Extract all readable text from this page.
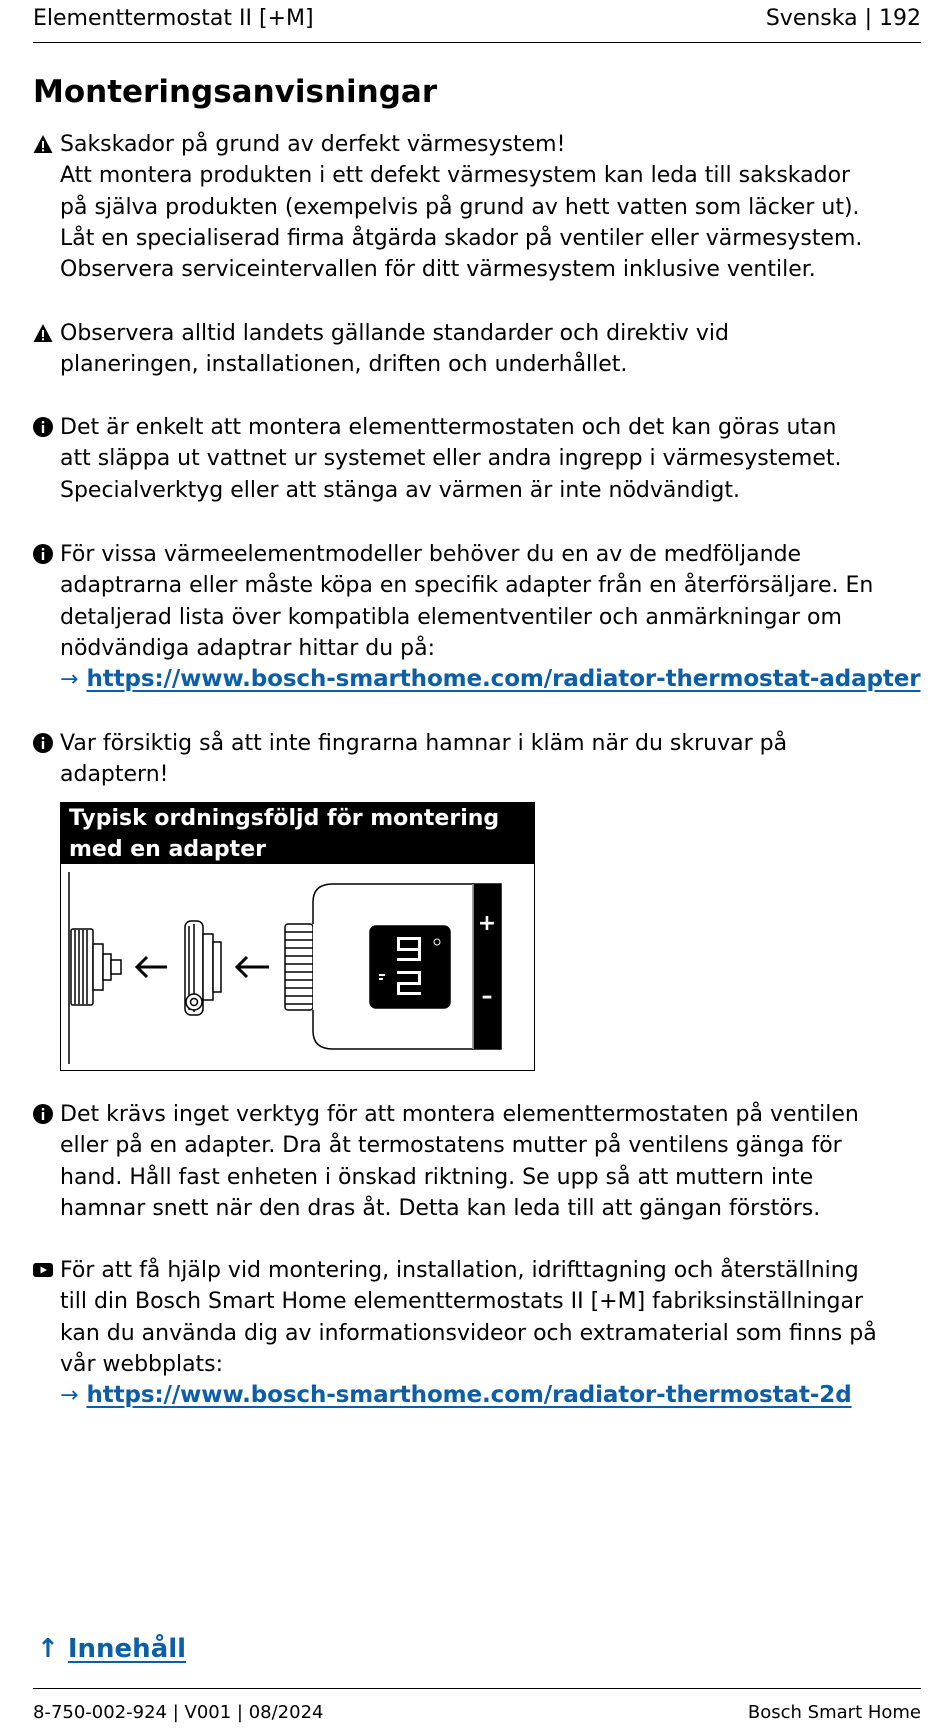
Elementtermostat II [+M]	Svenska | 192
Monteringsanvisningar
Sakskador på grund av derfekt värmesystem!
Att montera produkten i ett defekt värmesystem kan leda till sakskador
på själva produkten (exempelvis på grund av hett vatten som läcker ut).
Låt en specialiserad firma åtgärda skador på ventiler eller värmesystem.
Observera serviceintervallen för ditt värmesystem inklusive ventiler.
Observera alltid landets gällande standarder och direktiv vid
planeringen, installationen, driften och underhållet.
Det är enkelt att montera elementtermostaten och det kan göras utan
att släppa ut vattnet ur systemet eller andra ingrepp i värmesystemet.
Specialverktyg eller att stänga av värmen är inte nödvändigt.
För vissa värmeelementmodeller behöver du en av de medföljande
adaptrarna eller måste köpa en specifik adapter från en återförsäljare. En
detaljerad lista över kompatibla elementventiler och anmärkningar om
nödvändiga adaptrar hittar du på:
→ https://www.bosch-smarthome.com/radiator-thermostat-adapter
Var försiktig så att inte fingrarna hamnar i kläm när du skruvar på
adaptern!
Typisk ordningsföljd för montering
med en adapter
+
–
Det krävs inget verktyg för att montera elementtermostaten på ventilen
eller på en adapter. Dra åt termostatens mutter på ventilens gänga för
hand. Håll fast enheten i önskad riktning. Se upp så att muttern inte
hamnar snett när den dras åt. Detta kan leda till att gängan förstörs.
För att få hjälp vid montering, installation, idrifttagning och återställning
till din Bosch Smart Home elementtermostats II [+M] fabriksinställningar
kan du använda dig av informationsvideor och extramaterial som finns på
vår webbplats:
→ https://www.bosch-smarthome.com/radiator-thermostat-2d
↑ Innehåll
8-750-002-924 | V001 | 08/2024	Bosch Smart Home
